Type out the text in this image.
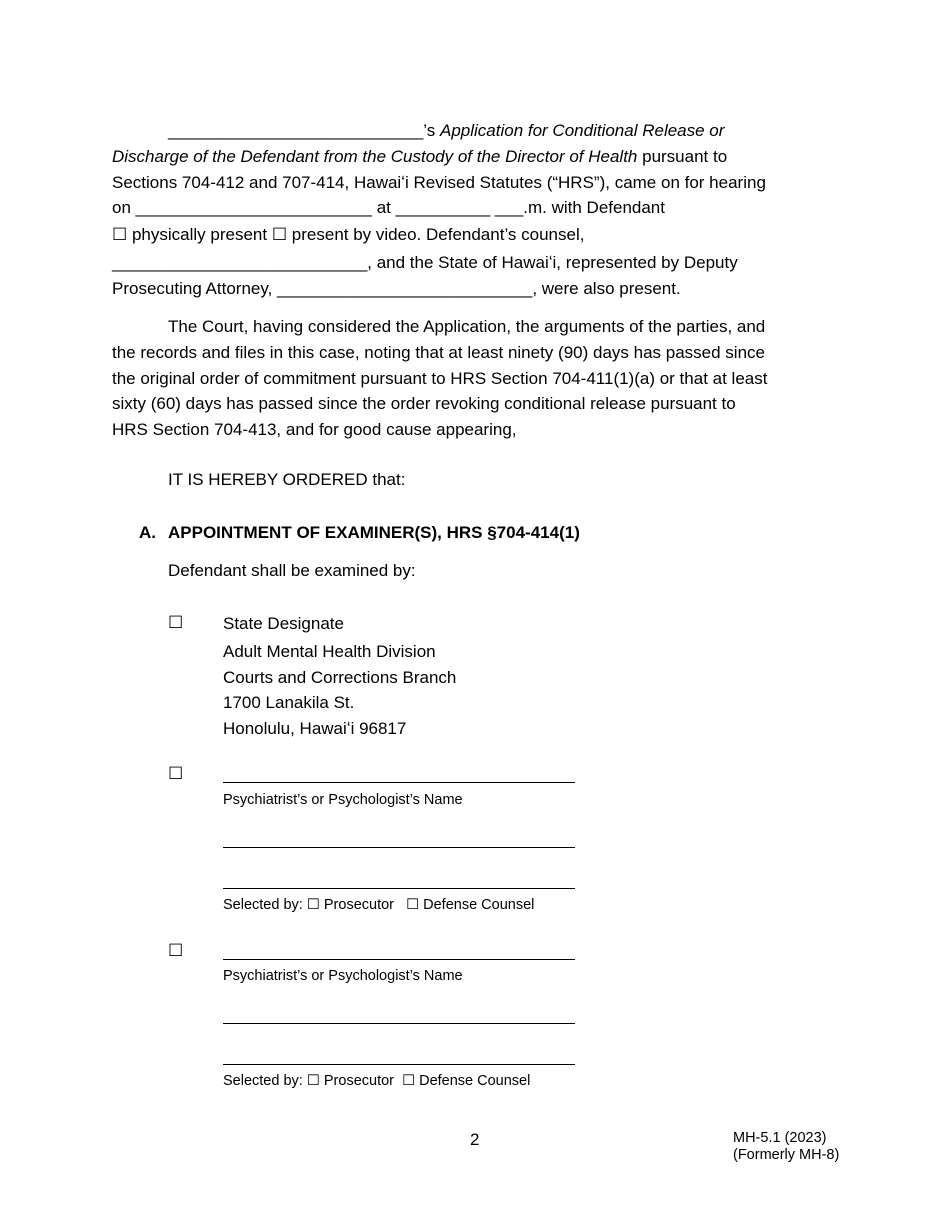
___________________________’s Application for Conditional Release or
Discharge of the Defendant from the Custody of the Director of Health pursuant to
Sections 704-412 and 707-414, Hawaiʻi Revised Statutes (“HRS”), came on for hearing
on _________________________ at __________ ___.m. with Defendant
☐ physically present ☐ present by video. Defendant’s counsel,
___________________________, and the State of Hawaiʻi, represented by Deputy
Prosecuting Attorney, ___________________________, were also present.
The Court, having considered the Application, the arguments of the parties, and
the records and files in this case, noting that at least ninety (90) days has passed since
the original order of commitment pursuant to HRS Section 704-411(1)(a) or that at least
sixty (60) days has passed since the order revoking conditional release pursuant to
HRS Section 704-413, and for good cause appearing,
IT IS HEREBY ORDERED that:
A. APPOINTMENT OF EXAMINER(S), HRS §704-414(1)
Defendant shall be examined by:
☐ State Designate
Adult Mental Health Division
Courts and Corrections Branch
1700 Lanakila St.
Honolulu, Hawaiʻi 96817
☐
Psychiatrist’s or Psychologist’s Name
Selected by: ☐ Prosecutor ☐ Defense Counsel
☐
Psychiatrist’s or Psychologist’s Name
Selected by: ☐ Prosecutor ☐ Defense Counsel
2	MH-5.1 (2023)
(Formerly MH-8)
